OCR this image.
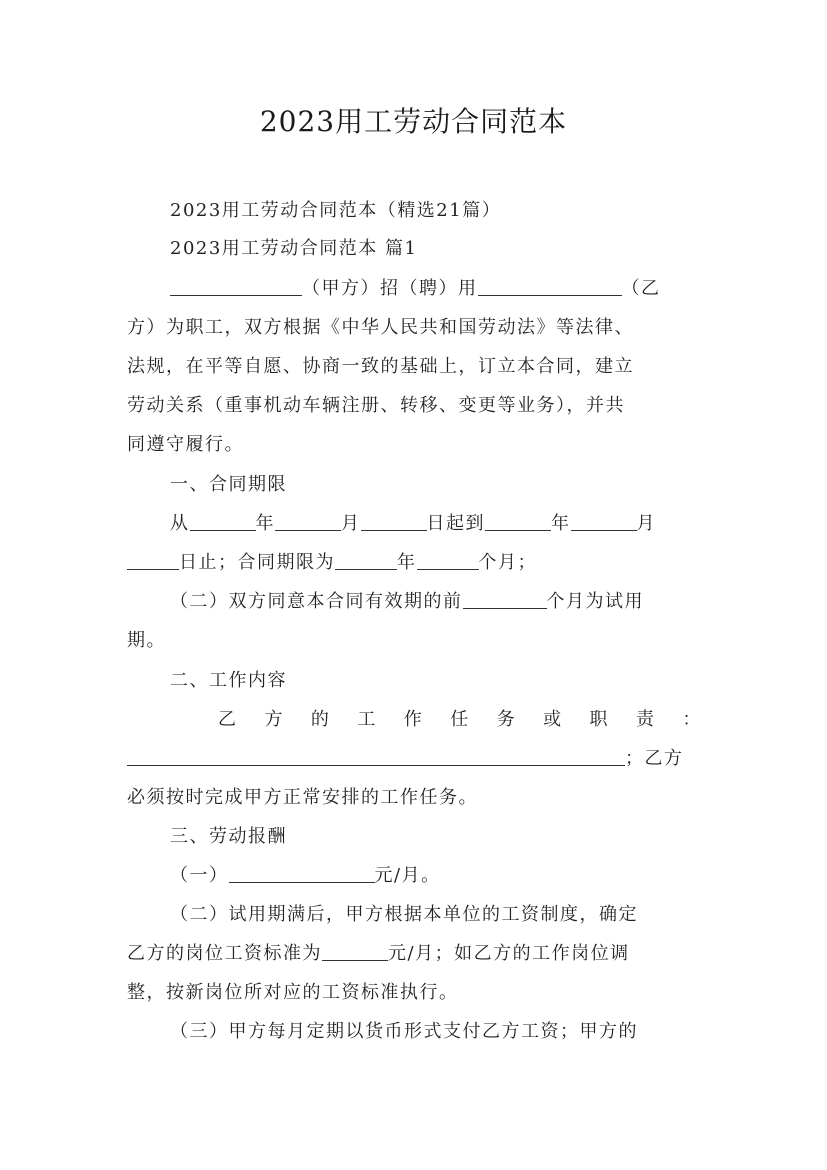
2023用工劳动合同范本
2023用工劳动合同范本（精选21篇）
2023用工劳动合同范本 篇1
（甲方）招（聘）用	（乙
方）为职工，双方根据《中华人民共和国劳动法》等法律、
法规，在平等自愿、协商一致的基础上，订立本合同，建立
劳动关系（重事机动车辆注册、转移、变更等业务），并共
同遵守履行。
一、合同期限
从	年	月	日起到	年	月
日止；合同期限为	年	个月；
（二）双方同意本合同有效期的前	个月为试用
期。
二、工作内容
乙 方 的 工 作 任 务 或 职 责 ：
；乙方
必须按时完成甲方正常安排的工作任务。
三、劳动报酬
（一）	元/月。
（二）试用期满后，甲方根据本单位的工资制度，确定
乙方的岗位工资标准为	元/月；如乙方的工作岗位调
整，按新岗位所对应的工资标准执行。
（三）甲方每月定期以货币形式支付乙方工资；甲方的
